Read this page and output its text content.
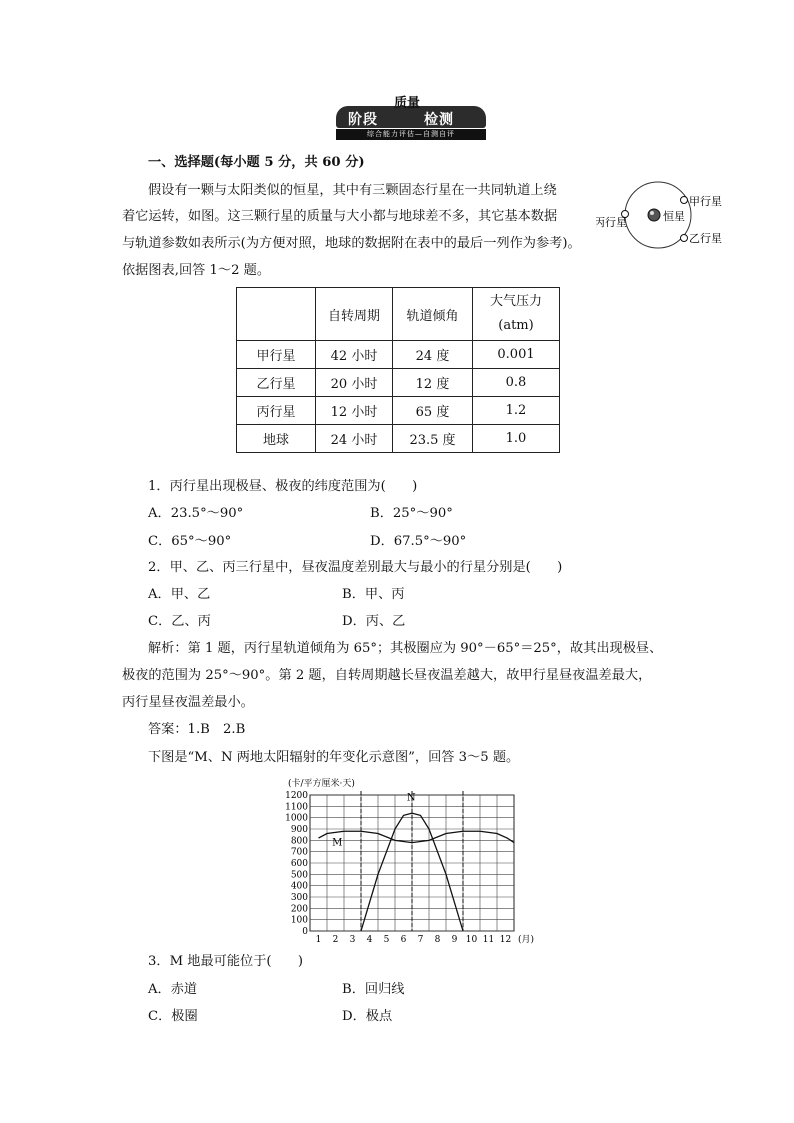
阶段
质量
检测
综合能力评估—自测自评
一、选择题(每小题 5 分，共 60 分)
假设有一颗与太阳类似的恒星，其中有三颗固态行星在一共同轨道上绕
着它运转，如图。这三颗行星的质量与大小都与地球差不多，其它基本数据
与轨道参数如表所示(为方便对照，地球的数据附在表中的最后一列作为参考)。
依据图表,回答 1～2 题。
恒星
甲行星
乙行星
丙行星
	自转周期	轨道倾角	大气压力
(atm)

甲行星	42 小时	24 度	0.001
乙行星	20 小时	12 度	0.8
丙行星	12 小时	65 度	1.2
地球	24 小时	23.5 度	1.0
1．丙行星出现极昼、极夜的纬度范围为(　　)
A．23.5°～90°	B．25°～90°
C．65°～90°	D．67.5°～90°
2．甲、乙、丙三行星中，昼夜温度差别最大与最小的行星分别是(　　)
A．甲、乙	B．甲、丙
C．乙、丙	D．丙、乙
解析：第 1 题，丙行星轨道倾角为 65°；其极圈应为 90°－65°＝25°，故其出现极昼、
极夜的范围为 25°～90°。第 2 题，自转周期越长昼夜温差越大，故甲行星昼夜温差最大，
丙行星昼夜温差最小。
答案：1.B　2.B
下图是“M、N 两地太阳辐射的年变化示意图”，回答 3～5 题。
0
100
200
300
400
500
600
700
800
900
1000
1100
1200
1 2 3 4 5 6 7 8 9 10 11 12
M
N
(卡/平方厘米·天)
(月)
3．M 地最可能位于(　　)
A．赤道	B．回归线
C．极圈	D．极点
